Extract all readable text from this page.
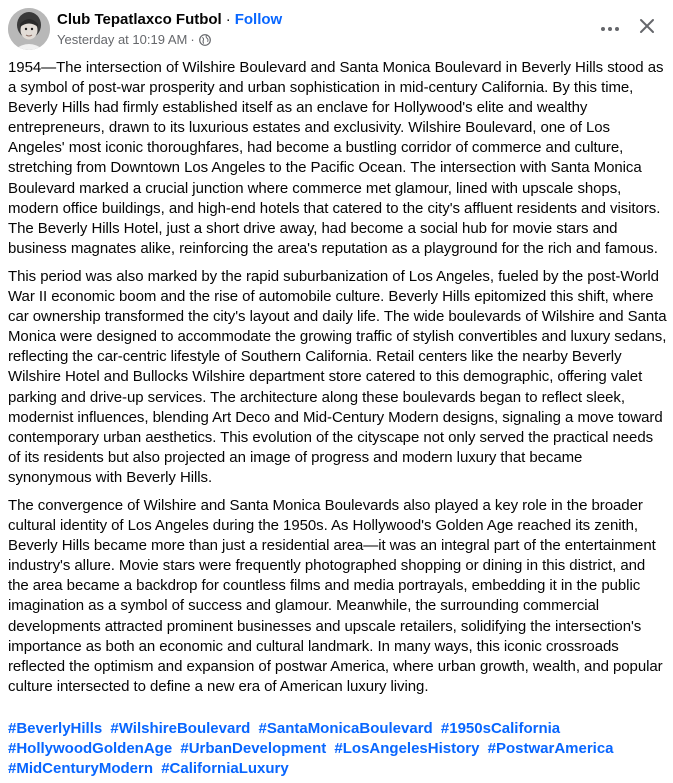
Club Tepatlaxco Futbol · Follow
Yesterday at 10:19 AM ·

1954—The intersection of Wilshire Boulevard and Santa Monica Boulevard in Beverly Hills stood as a symbol of post-war prosperity and urban sophistication in mid-century California. By this time, Beverly Hills had firmly established itself as an enclave for Hollywood's elite and wealthy entrepreneurs, drawn to its luxurious estates and exclusivity. Wilshire Boulevard, one of Los Angeles' most iconic thoroughfares, had become a bustling corridor of commerce and culture, stretching from Downtown Los Angeles to the Pacific Ocean. The intersection with Santa Monica Boulevard marked a crucial junction where commerce met glamour, lined with upscale shops, modern office buildings, and high-end hotels that catered to the city's affluent residents and visitors. The Beverly Hills Hotel, just a short drive away, had become a social hub for movie stars and business magnates alike, reinforcing the area's reputation as a playground for the rich and famous.

This period was also marked by the rapid suburbanization of Los Angeles, fueled by the post-World War II economic boom and the rise of automobile culture. Beverly Hills epitomized this shift, where car ownership transformed the city's layout and daily life. The wide boulevards of Wilshire and Santa Monica were designed to accommodate the growing traffic of stylish convertibles and luxury sedans, reflecting the car-centric lifestyle of Southern California. Retail centers like the nearby Beverly Wilshire Hotel and Bullocks Wilshire department store catered to this demographic, offering valet parking and drive-up services. The architecture along these boulevards began to reflect sleek, modernist influences, blending Art Deco and Mid-Century Modern designs, signaling a move toward contemporary urban aesthetics. This evolution of the cityscape not only served the practical needs of its residents but also projected an image of progress and modern luxury that became synonymous with Beverly Hills.

The convergence of Wilshire and Santa Monica Boulevards also played a key role in the broader cultural identity of Los Angeles during the 1950s. As Hollywood's Golden Age reached its zenith, Beverly Hills became more than just a residential area—it was an integral part of the entertainment industry's allure. Movie stars were frequently photographed shopping or dining in this district, and the area became a backdrop for countless films and media portrayals, embedding it in the public imagination as a symbol of success and glamour. Meanwhile, the surrounding commercial developments attracted prominent businesses and upscale retailers, solidifying the intersection's importance as both an economic and cultural landmark. In many ways, this iconic crossroads reflected the optimism and expansion of postwar America, where urban growth, wealth, and popular culture intersected to define a new era of American luxury living.

#BeverlyHills #WilshireBoulevard #SantaMonicaBoulevard #1950sCalifornia #HollywoodGoldenAge #UrbanDevelopment #LosAngelesHistory #PostwarAmerica #MidCenturyModern #CaliforniaLuxury
